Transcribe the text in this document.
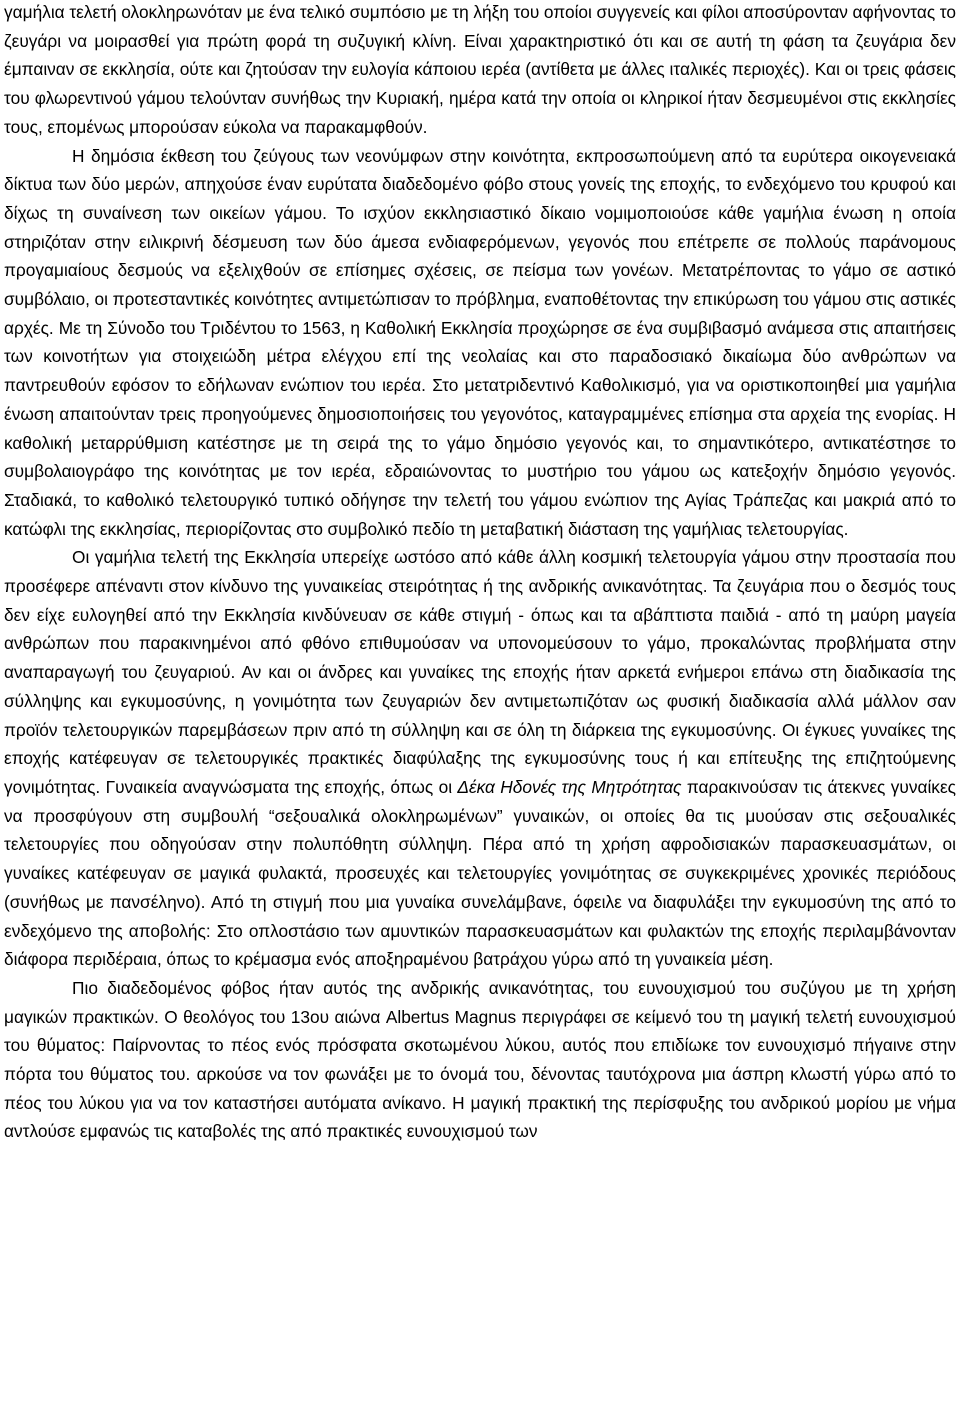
γαμήλια τελετή ολοκληρωνόταν με ένα τελικό συμπόσιο με τη λήξη του οποίοι συγγενείς και φίλοι αποσύρονταν αφήνοντας το ζευγάρι να μοιρασθεί για πρώτη φορά τη συζυγική κλίνη. Είναι χαρακτηριστικό ότι και σε αυτή τη φάση τα ζευγάρια δεν έμπαιναν σε εκκλησία, ούτε και ζητούσαν την ευλογία κάποιου ιερέα (αντίθετα με άλλες ιταλικές περιοχές). Και οι τρεις φάσεις του φλωρεντινού γάμου τελούνταν συνήθως την Κυριακή, ημέρα κατά την οποία οι κληρικοί ήταν δεσμευμένοι στις εκκλησίες τους, επομένως μπορούσαν εύκολα να παρακαμφθούν.

Η δημόσια έκθεση του ζεύγους των νεονύμφων στην κοινότητα, εκπροσωπούμενη από τα ευρύτερα οικογενειακά δίκτυα των δύο μερών, απηχούσε έναν ευρύτατα διαδεδομένο φόβο στους γονείς της εποχής, το ενδεχόμενο του κρυφού και δίχως τη συναίνεση των οικείων γάμου. Το ισχύον εκκλησιαστικό δίκαιο νομιμοποιούσε κάθε γαμήλια ένωση η οποία στηριζόταν στην ειλικρινή δέσμευση των δύο άμεσα ενδιαφερόμενων, γεγονός που επέτρεπε σε πολλούς παράνομους προγαμιαίους δεσμούς να εξελιχθούν σε επίσημες σχέσεις, σε πείσμα των γονέων. Μετατρέποντας το γάμο σε αστικό συμβόλαιο, οι προτεσταντικές κοινότητες αντιμετώπισαν το πρόβλημα, εναποθέτοντας την επικύρωση του γάμου στις αστικές αρχές. Με τη Σύνοδο του Τριδέντου το 1563, η Καθολική Εκκλησία προχώρησε σε ένα συμβιβασμό ανάμεσα στις απαιτήσεις των κοινοτήτων για στοιχειώδη μέτρα ελέγχου επί της νεολαίας και στο παραδοσιακό δικαίωμα δύο ανθρώπων να παντρευθούν εφόσον το εδήλωναν ενώπιον του ιερέα. Στο μετατριδεντινό Καθολικισμό, για να οριστικοποιηθεί μια γαμήλια ένωση απαιτούνταν τρεις προηγούμενες δημοσιοποιήσεις του γεγονότος, καταγραμμένες επίσημα στα αρχεία της ενορίας. Η καθολική μεταρρύθμιση κατέστησε με τη σειρά της το γάμο δημόσιο γεγονός και, το σημαντικότερο, αντικατέστησε το συμβολαιογράφο της κοινότητας με τον ιερέα, εδραιώνοντας το μυστήριο του γάμου ως κατεξοχήν δημόσιο γεγονός. Σταδιακά, το καθολικό τελετουργικό τυπικό οδήγησε την τελετή του γάμου ενώπιον της Αγίας Τράπεζας και μακριά από το κατώφλι της εκκλησίας, περιορίζοντας στο συμβολικό πεδίο τη μεταβατική διάσταση της γαμήλιας τελετουργίας.

Οι γαμήλια τελετή της Εκκλησία υπερείχε ωστόσο από κάθε άλλη κοσμική τελετουργία γάμου στην προστασία που προσέφερε απέναντι στον κίνδυνο της γυναικείας στειρότητας ή της ανδρικής ανικανότητας. Τα ζευγάρια που ο δεσμός τους δεν είχε ευλογηθεί από την Εκκλησία κινδύνευαν σε κάθε στιγμή - όπως και τα αβάπτιστα παιδιά - από τη μαύρη μαγεία ανθρώπων που παρακινημένοι από φθόνο επιθυμούσαν να υπονομεύσουν το γάμο, προκαλώντας προβλήματα στην αναπαραγωγή του ζευγαριού. Αν και οι άνδρες και γυναίκες της εποχής ήταν αρκετά ενήμεροι επάνω στη διαδικασία της σύλληψης και εγκυμοσύνης, η γονιμότητα των ζευγαριών δεν αντιμετωπιζόταν ως φυσική διαδικασία αλλά μάλλον σαν προϊόν τελετουργικών παρεμβάσεων πριν από τη σύλληψη και σε όλη τη διάρκεια της εγκυμοσύνης. Οι έγκυες γυναίκες της εποχής κατέφευγαν σε τελετουργικές πρακτικές διαφύλαξης της εγκυμοσύνης τους ή και επίτευξης της επιζητούμενης γονιμότητας. Γυναικεία αναγνώσματα της εποχής, όπως οι Δέκα Ηδονές της Μητρότητας παρακινούσαν τις άτεκνες γυναίκες να προσφύγουν στη συμβουλή “σεξουαλικά ολοκληρωμένων” γυναικών, οι οποίες θα τις μυούσαν στις σεξουαλικές τελετουργίες που οδηγούσαν στην πολυπόθητη σύλληψη. Πέρα από τη χρήση αφροδισιακών παρασκευασμάτων, οι γυναίκες κατέφευγαν σε μαγικά φυλακτά, προσευχές και τελετουργίες γονιμότητας σε συγκεκριμένες χρονικές περιόδους (συνήθως με πανσέληνο). Από τη στιγμή που μια γυναίκα συνελάμβανε, όφειλε να διαφυλάξει την εγκυμοσύνη της από το ενδεχόμενο της αποβολής: Στο οπλοστάσιο των αμυντικών παρασκευασμάτων και φυλακτών της εποχής περιλαμβάνονταν διάφορα περιδέραια, όπως το κρέμασμα ενός αποξηραμένου βατράχου γύρω από τη γυναικεία μέση.

Πιο διαδεδομένος φόβος ήταν αυτός της ανδρικής ανικανότητας, του ευνουχισμού του συζύγου με τη χρήση μαγικών πρακτικών. Ο θεολόγος του 13ου αιώνα Albertus Magnus περιγράφει σε κείμενό του τη μαγική τελετή ευνουχισμού του θύματος: Παίρνοντας το πέος ενός πρόσφατα σκοτωμένου λύκου, αυτός που επιδίωκε τον ευνουχισμό πήγαινε στην πόρτα του θύματος του. αρκούσε να τον φωνάξει με το όνομά του, δένοντας ταυτόχρονα μια άσπρη κλωστή γύρω από το πέος του λύκου για να τον καταστήσει αυτόματα ανίκανο. Η μαγική πρακτική της περίσφυξης του ανδρικού μορίου με νήμα αντλούσε εμφανώς τις καταβολές της από πρακτικές ευνουχισμού των
